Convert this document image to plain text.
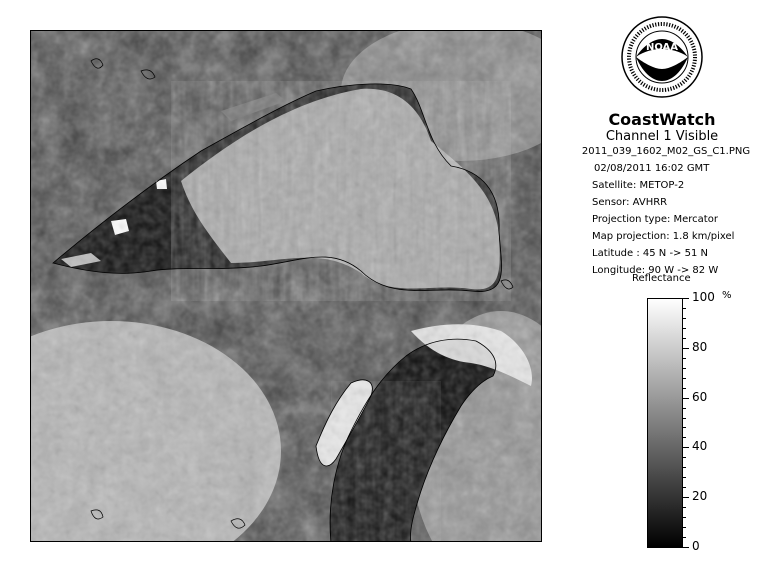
NOAA
CoastWatch
Channel 1 Visible
2011_039_1602_M02_GS_C1.PNG
02/08/2011 16:02 GMT
Satellite: METOP-2
Sensor: AVHRR
Projection type: Mercator
Map projection: 1.8 km/pixel
Latitude : 45 N -> 51 N
Longitude: 90 W -> 82 W
Reflectance
%
100
80
60
40
20
0
